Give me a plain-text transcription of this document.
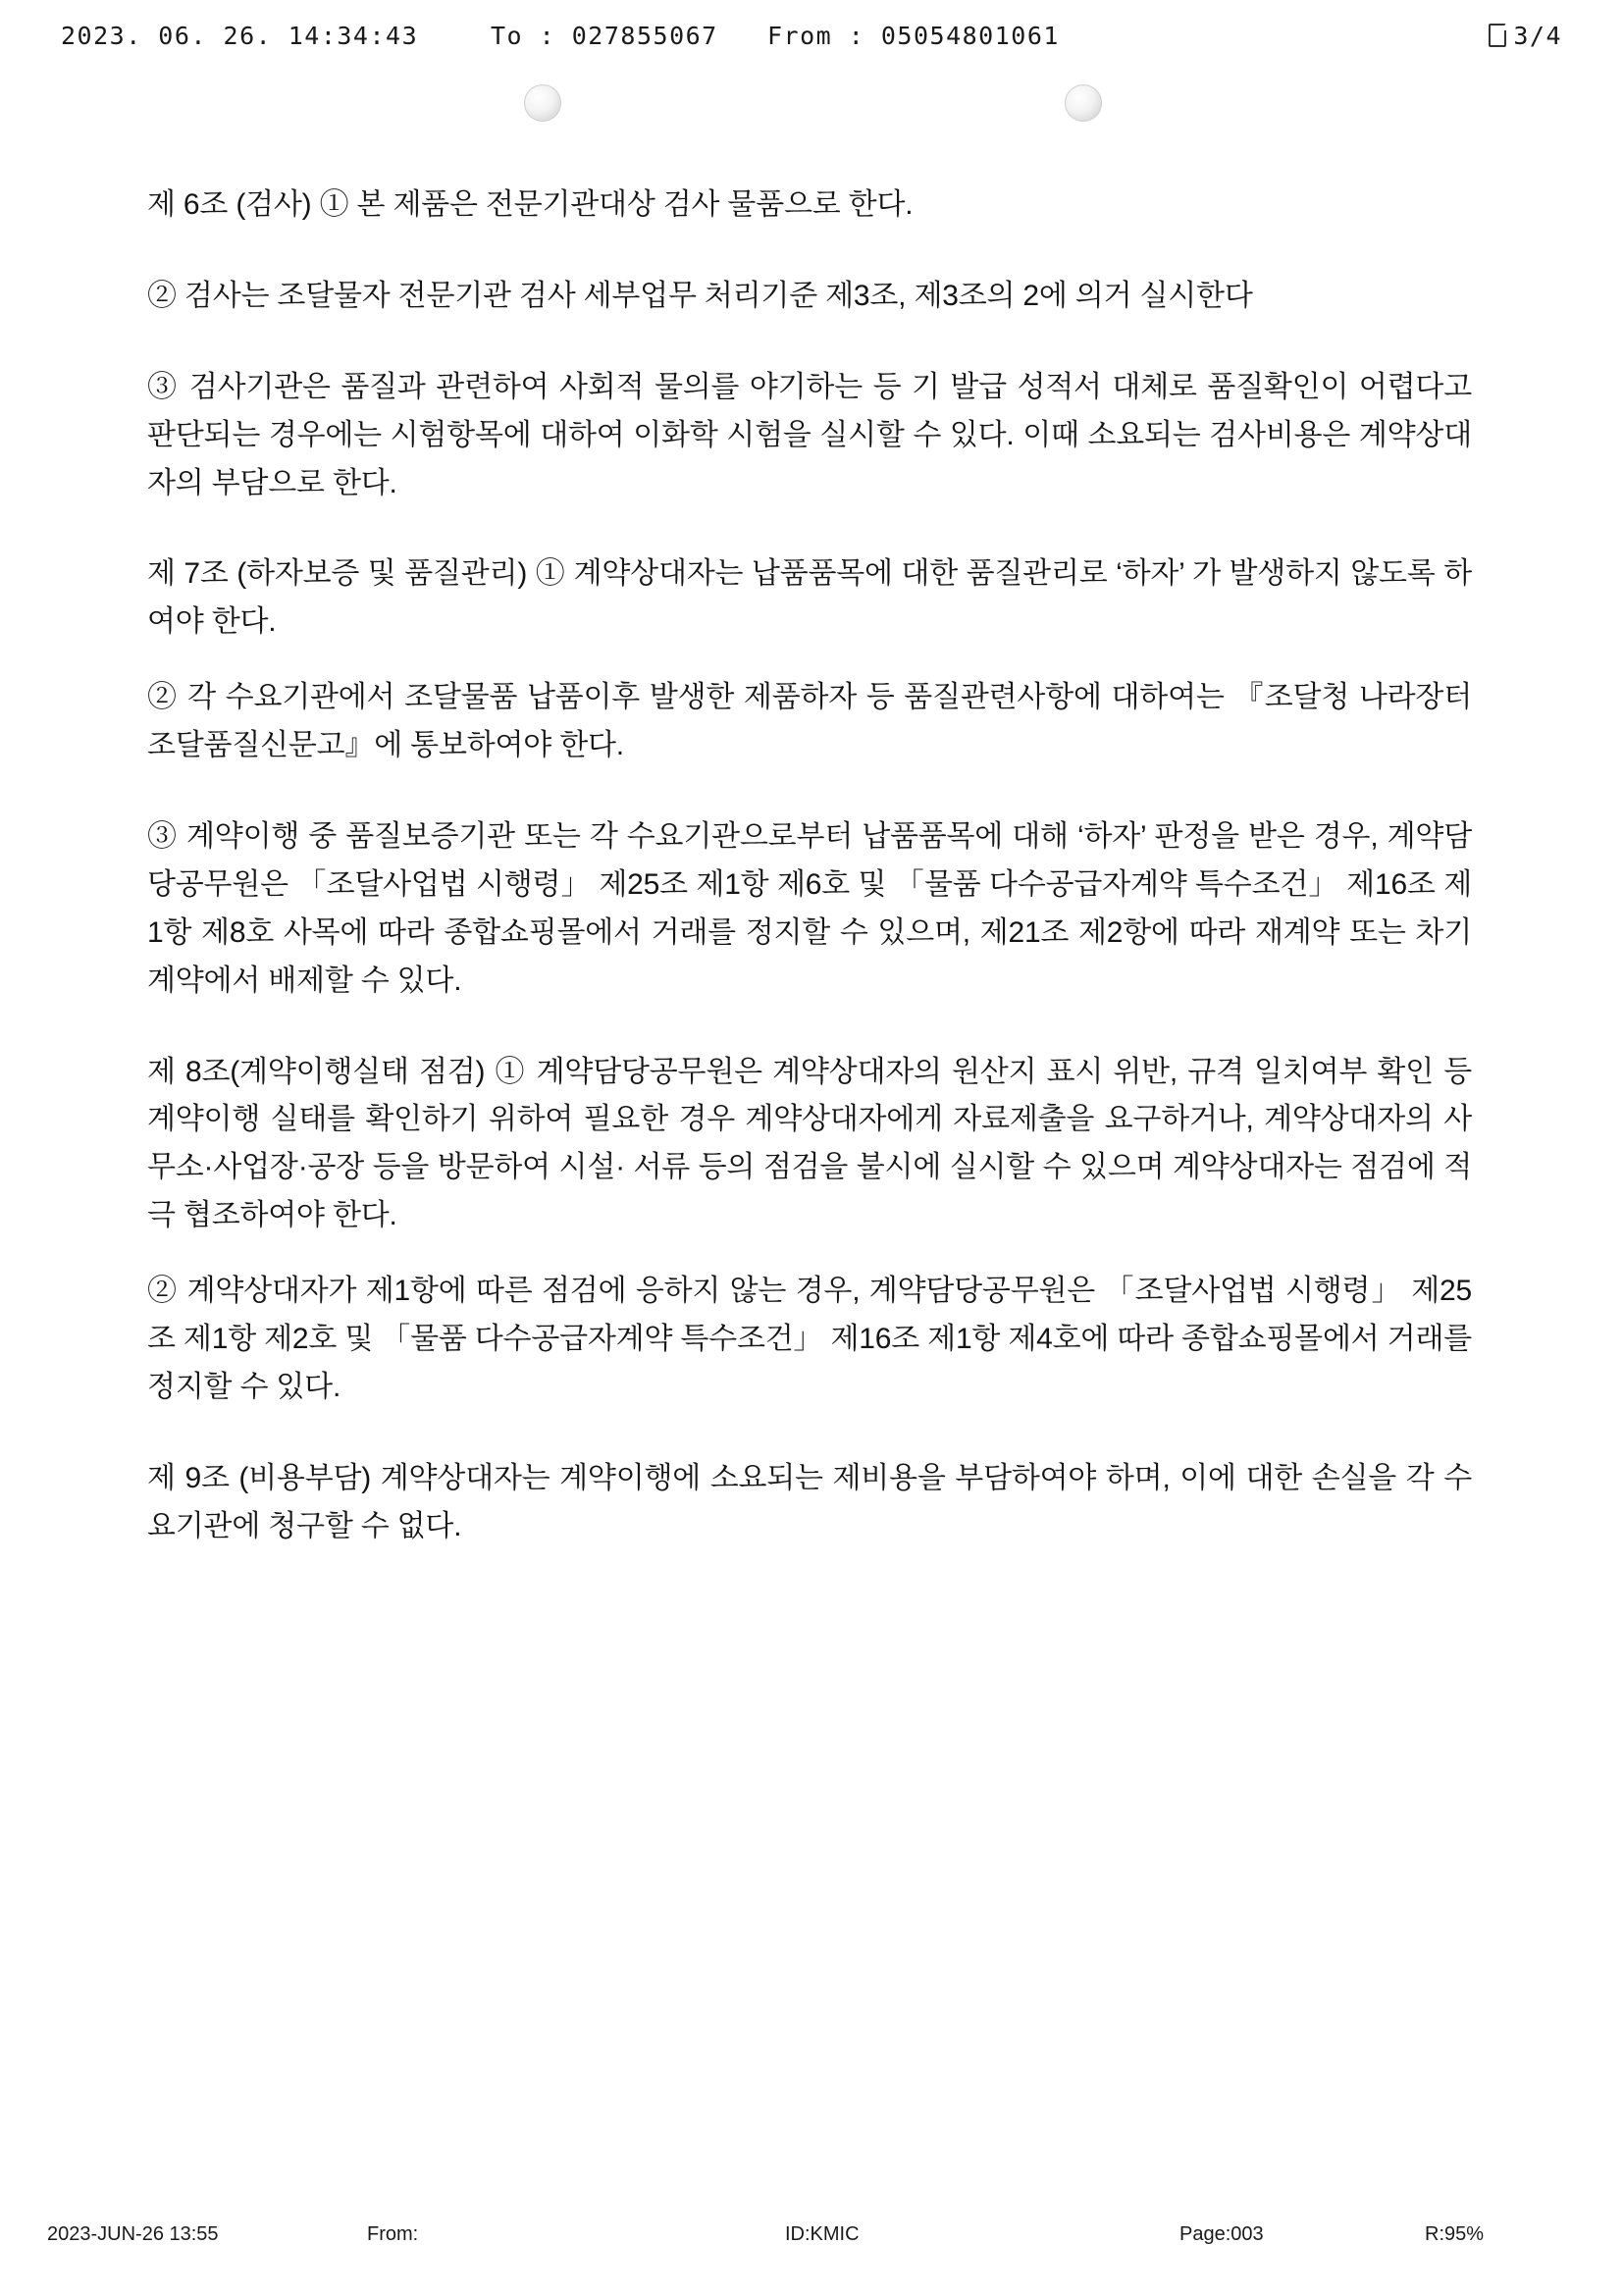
2023. 06. 26. 14:34:43	To : 027855067 From : 05054801061	3/4

제 6조 (검사) ① 본 제품은 전문기관대상 검사 물품으로 한다.

② 검사는 조달물자 전문기관 검사 세부업무 처리기준 제3조, 제3조의 2에 의거 실시한다

③ 검사기관은 품질과 관련하여 사회적 물의를 야기하는 등 기 발급 성적서 대체로 품질확인이 어렵다고 판단되는 경우에는 시험항목에 대하여 이화학 시험을 실시할 수 있다. 이때 소요되는 검사비용은 계약상대자의 부담으로 한다.

제 7조 (하자보증 및 품질관리) ① 계약상대자는 납품품목에 대한 품질관리로 ‘하자’ 가 발생하지 않도록 하여야 한다.

② 각 수요기관에서 조달물품 납품이후 발생한 제품하자 등 품질관련사항에 대하여는 『조달청 나라장터 조달품질신문고』에 통보하여야 한다.

③ 계약이행 중 품질보증기관 또는 각 수요기관으로부터 납품품목에 대해 ‘하자’ 판정을 받은 경우, 계약담당공무원은 「조달사업법 시행령」 제25조 제1항 제6호 및 「물품 다수공급자계약 특수조건」 제16조 제1항 제8호 사목에 따라 종합쇼핑몰에서 거래를 정지할 수 있으며, 제21조 제2항에 따라 재계약 또는 차기계약에서 배제할 수 있다.

제 8조(계약이행실태 점검) ① 계약담당공무원은 계약상대자의 원산지 표시 위반, 규격 일치여부 확인 등 계약이행 실태를 확인하기 위하여 필요한 경우 계약상대자에게 자료제출을 요구하거나, 계약상대자의 사무소·사업장·공장 등을 방문하여 시설· 서류 등의 점검을 불시에 실시할 수 있으며 계약상대자는 점검에 적극 협조하여야 한다.

② 계약상대자가 제1항에 따른 점검에 응하지 않는 경우, 계약담당공무원은 「조달사업법 시행령」 제25조 제1항 제2호 및 「물품 다수공급자계약 특수조건」 제16조 제1항 제4호에 따라 종합쇼핑몰에서 거래를 정지할 수 있다.

제 9조 (비용부담) 계약상대자는 계약이행에 소요되는 제비용을 부담하여야 하며, 이에 대한 손실을 각 수요기관에 청구할 수 없다.

2023-JUN-26 13:55	From:	ID:KMIC	Page:003	R:95%
